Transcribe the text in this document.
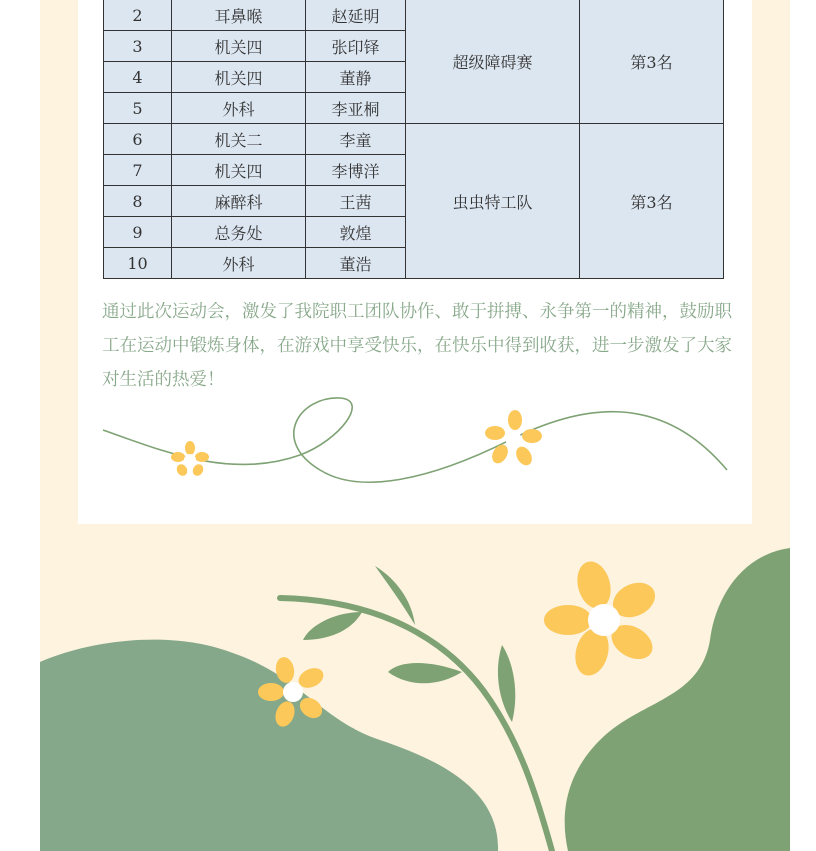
2	耳鼻喉	赵延明	超级障碍赛	第3名
3	机关四	张印铎		
4	机关四	董静		
5	外科	李亚桐		
6	机关二	李童	虫虫特工队	第3名
7	机关四	李博洋		
8	麻醉科	王茜		
9	总务处	敦煌		
10	外科	董浩		

通过此次运动会，激发了我院职工团队协作、敢于拼搏、永争第一的精神，鼓励职工在运动中锻炼身体，在游戏中享受快乐，在快乐中得到收获，进一步激发了大家对生活的热爱！
